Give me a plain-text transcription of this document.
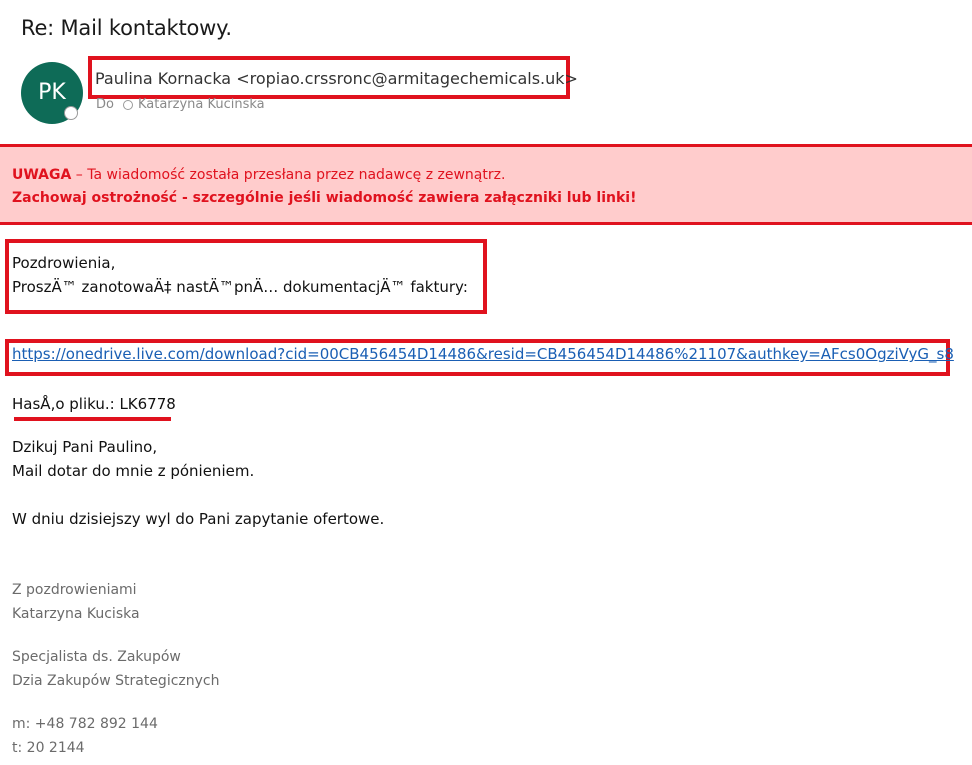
Re: Mail kontaktowy.
PK
Paulina Kornacka <ropiao.crssronc@armitagechemicals.uk>
Do Katarzyna Kucinska
UWAGA – Ta wiadomość została przesłana przez nadawcę z zewnątrz.
Zachowaj ostrożność - szczególnie jeśli wiadomość zawiera załączniki lub linki!
Pozdrowienia,
ProszÄ™ zanotowaÄ‡ nastÄ™pnÄ… dokumentacjÄ™ faktury:
https://onedrive.live.com/download?cid=00CB456454D14486&resid=CB456454D14486%21107&authkey=AFcs0OgziVyG_s8
HasÅ‚o pliku.: LK6778
Dzikuj Pani Paulino,
Mail dotar do mnie z pónieniem.
W dniu dzisiejszy wyl do Pani zapytanie ofertowe.
Z pozdrowieniami
Katarzyna Kuciska
Specjalista ds. Zakupów
Dzia Zakupów Strategicznych
m: +48 782 892 144
t: 20 2144
